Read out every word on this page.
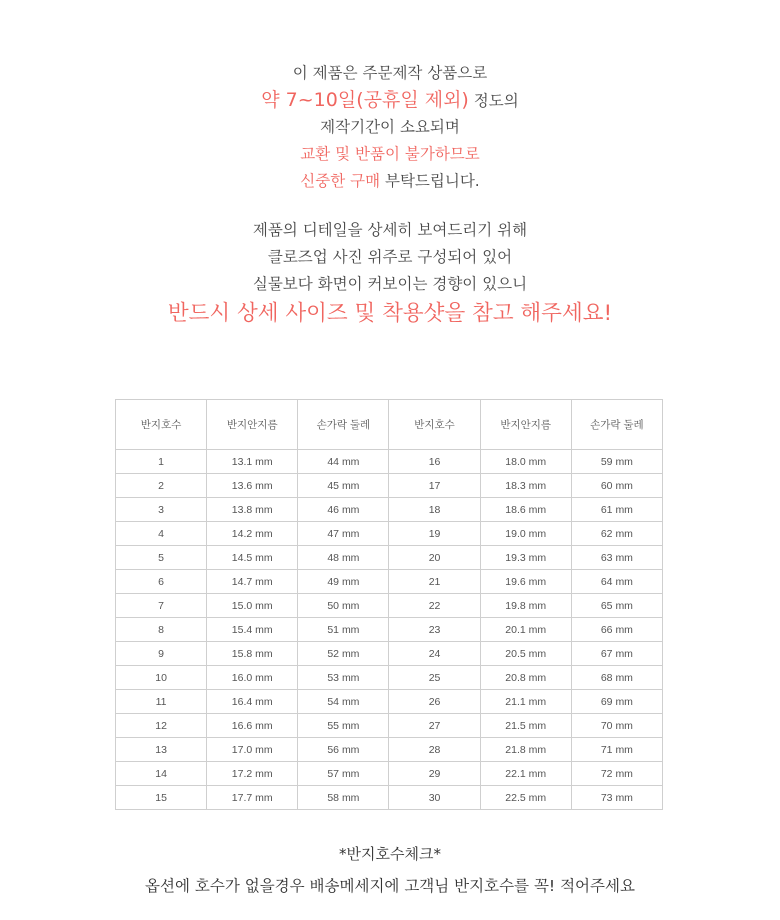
이 제품은 주문제작 상품으로
약 7~10일(공휴일 제외) 정도의
제작기간이 소요되며
교환 및 반품이 불가하므로
신중한 구매 부탁드립니다.
제품의 디테일을 상세히 보여드리기 위해
클로즈업 사진 위주로 구성되어 있어
실물보다 화면이 커보이는 경향이 있으니
반드시 상세 사이즈 및 착용샷을 참고 해주세요!
반지호수	반지안지름	손가락 둘레	반지호수	반지안지름	손가락 둘레
1	13.1 mm	44 mm	16	18.0 mm	59 mm
2	13.6 mm	45 mm	17	18.3 mm	60 mm
3	13.8 mm	46 mm	18	18.6 mm	61 mm
4	14.2 mm	47 mm	19	19.0 mm	62 mm
5	14.5 mm	48 mm	20	19.3 mm	63 mm
6	14.7 mm	49 mm	21	19.6 mm	64 mm
7	15.0 mm	50 mm	22	19.8 mm	65 mm
8	15.4 mm	51 mm	23	20.1 mm	66 mm
9	15.8 mm	52 mm	24	20.5 mm	67 mm
10	16.0 mm	53 mm	25	20.8 mm	68 mm
11	16.4 mm	54 mm	26	21.1 mm	69 mm
12	16.6 mm	55 mm	27	21.5 mm	70 mm
13	17.0 mm	56 mm	28	21.8 mm	71 mm
14	17.2 mm	57 mm	29	22.1 mm	72 mm
15	17.7 mm	58 mm	30	22.5 mm	73 mm
*반지호수체크*
옵션에 호수가 없을경우 배송메세지에 고객님 반지호수를 꼭! 적어주세요
